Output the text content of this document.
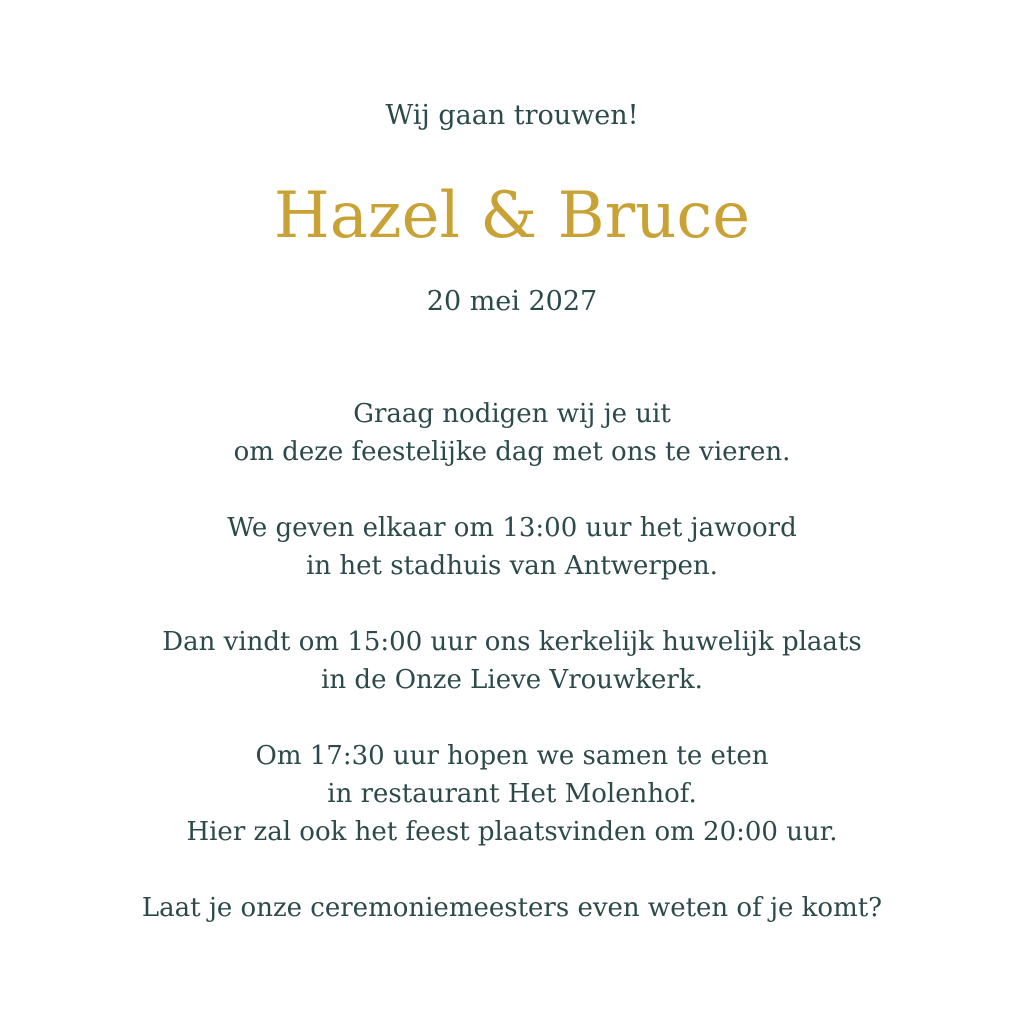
Wij gaan trouwen!
Hazel & Bruce
20 mei 2027
Graag nodigen wij je uit
om deze feestelijke dag met ons te vieren.
We geven elkaar om 13:00 uur het jawoord
in het stadhuis van Antwerpen.
Dan vindt om 15:00 uur ons kerkelijk huwelijk plaats
in de Onze Lieve Vrouwkerk.
Om 17:30 uur hopen we samen te eten
in restaurant Het Molenhof.
Hier zal ook het feest plaatsvinden om 20:00 uur.
Laat je onze ceremoniemeesters even weten of je komt?
